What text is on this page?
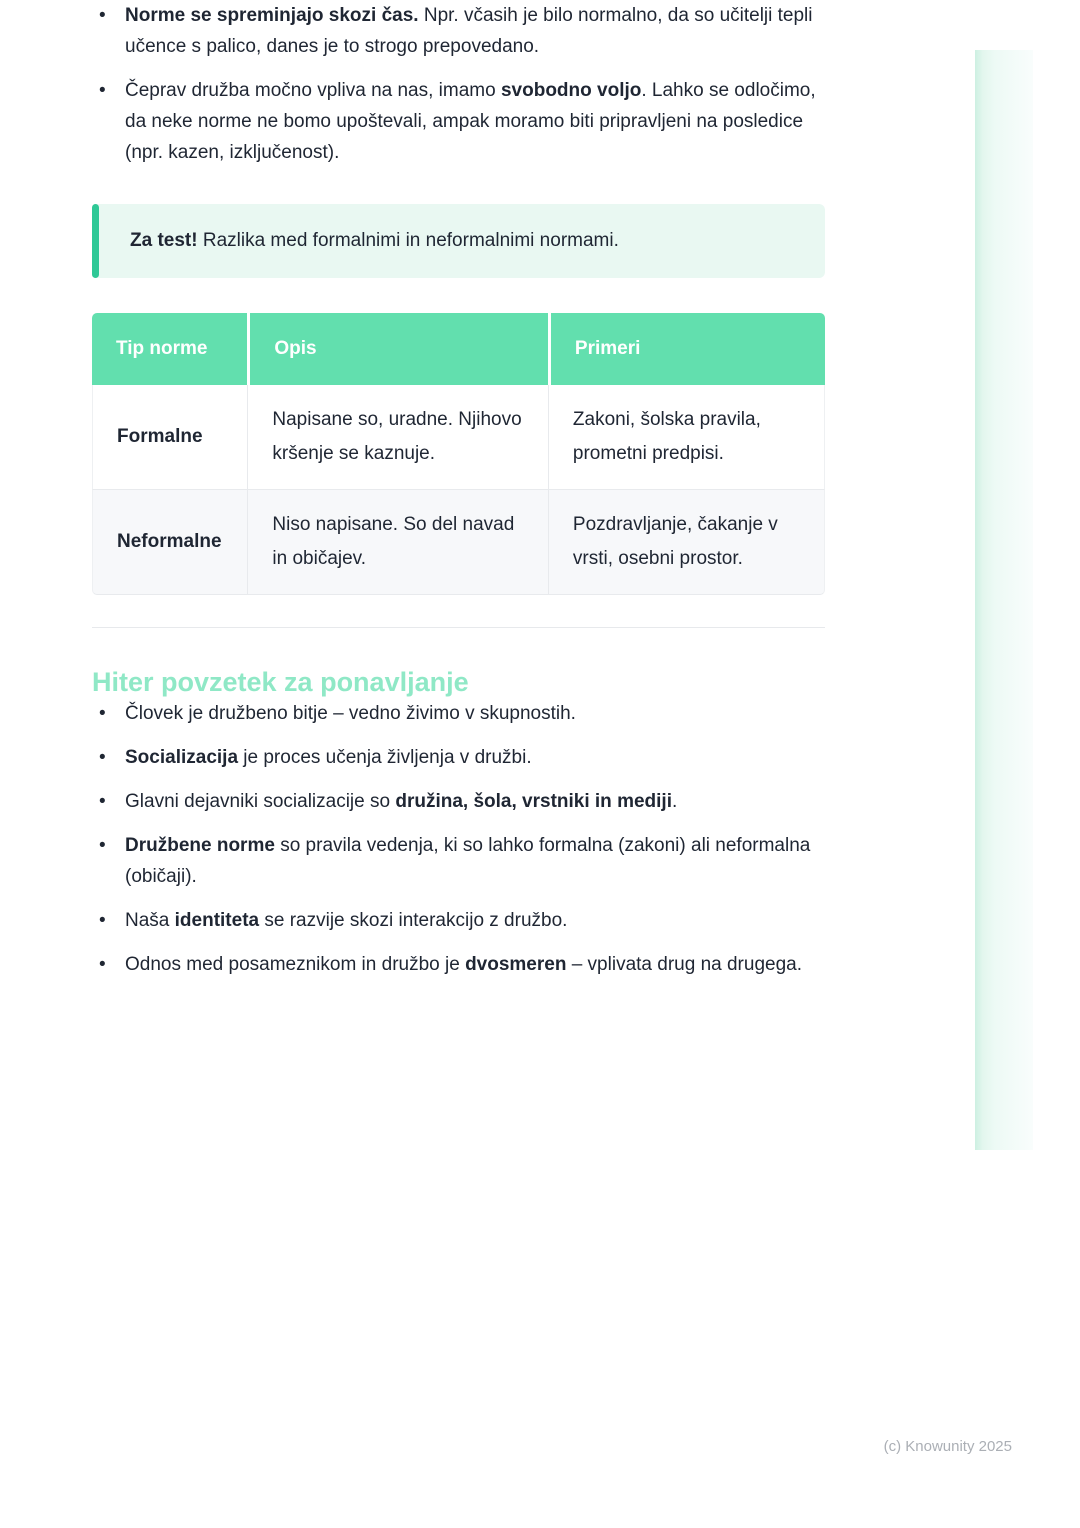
• Norme se spreminjajo skozi čas. Npr. včasih je bilo normalno, da so učitelji tepli učence s palico, danes je to strogo prepovedano.
• Čeprav družba močno vpliva na nas, imamo svobodno voljo. Lahko se odločimo, da neke norme ne bomo upoštevali, ampak moramo biti pripravljeni na posledice (npr. kazen, izključenost).

Za test! Razlika med formalnimi in neformalnimi normami.

Tip norme	Opis	Primeri
Formalne	Napisane so, uradne. Njihovo kršenje se kaznuje.	Zakoni, šolska pravila, prometni predpisi.
Neformalne	Niso napisane. So del navad in običajev.	Pozdravljanje, čakanje v vrsti, osebni prostor.
Hiter povzetek za ponavljanje
• Človek je družbeno bitje – vedno živimo v skupnostih.
• Socializacija je proces učenja življenja v družbi.
• Glavni dejavniki socializacije so družina, šola, vrstniki in mediji.
• Družbene norme so pravila vedenja, ki so lahko formalna (zakoni) ali neformalna (običaji).
• Naša identiteta se razvije skozi interakcijo z družbo.
• Odnos med posameznikom in družbo je dvosmeren – vplivata drug na drugega.
(c) Knowunity 2025
